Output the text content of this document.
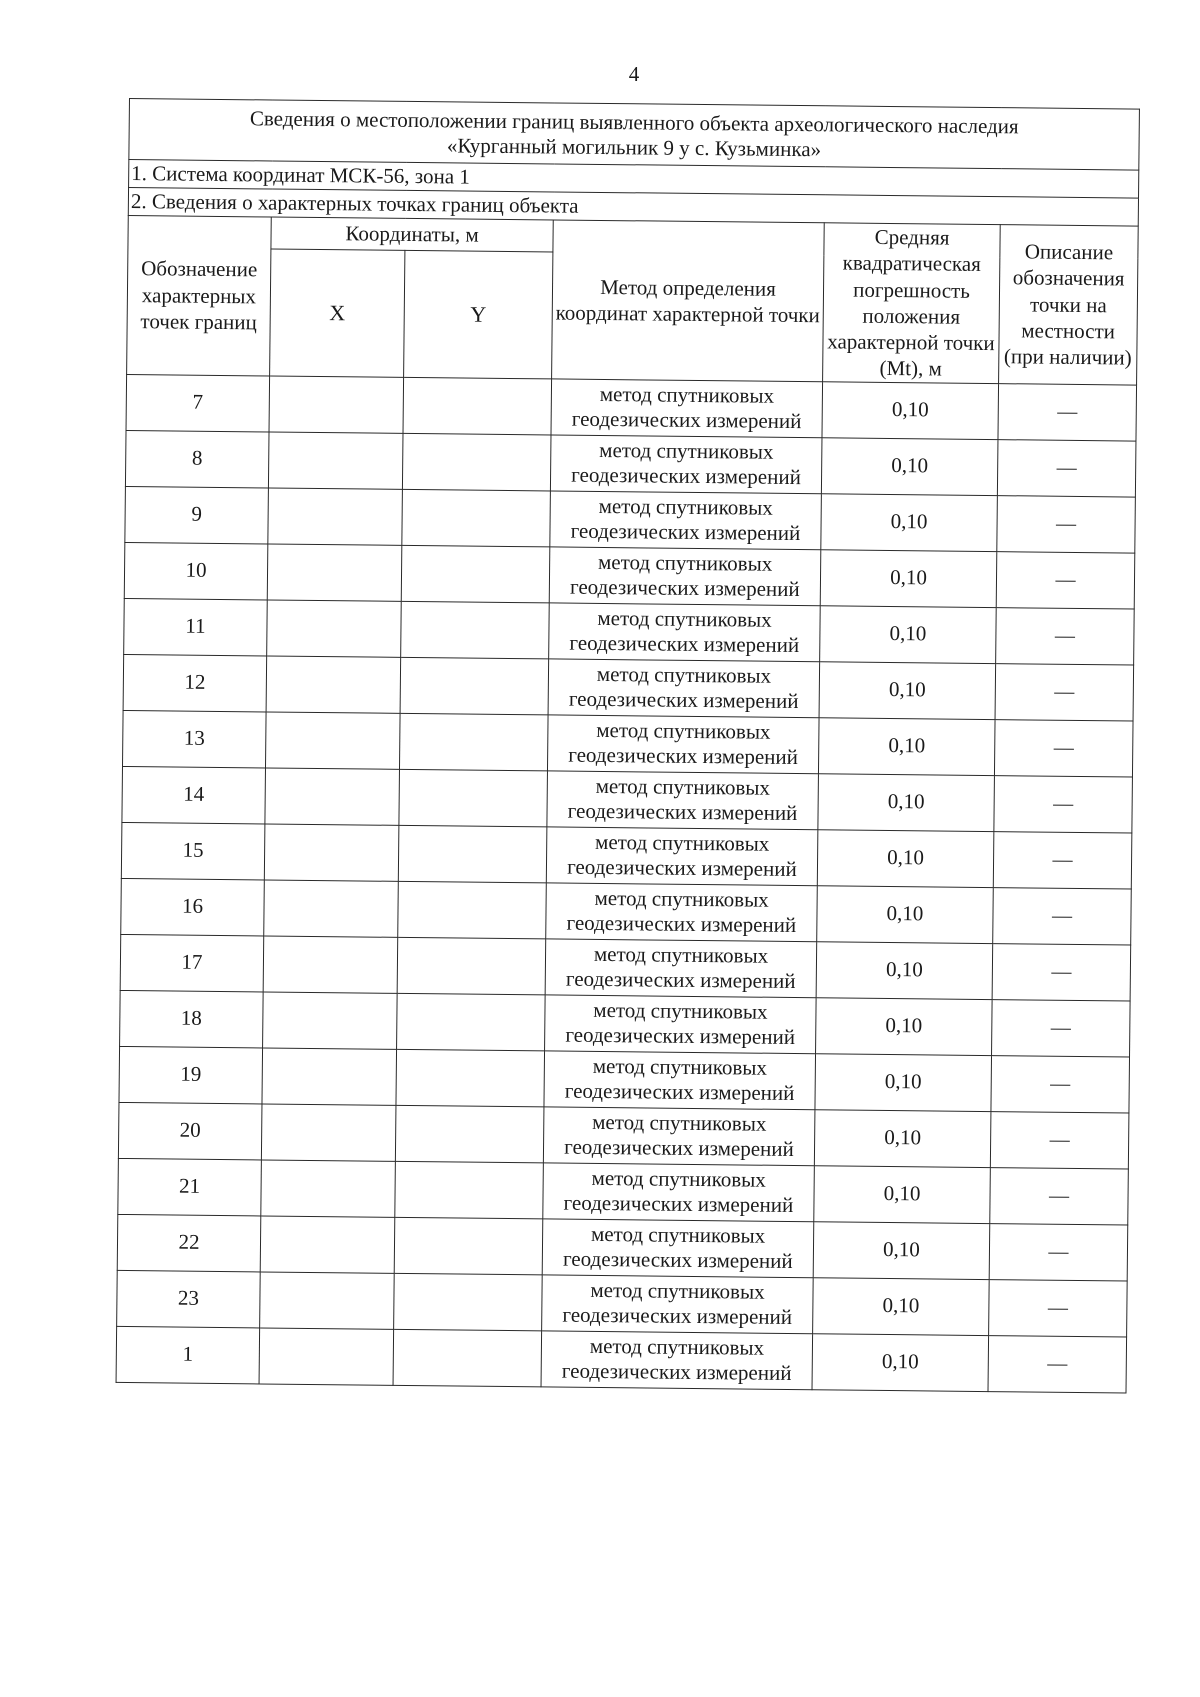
4
Сведения о местоположении границ выявленного объекта археологического наследия
«Курганный могильник 9 у с. Кузьминка»					

1. Система координат МСК-56, зона 1					
2. Сведения о характерных точках границ объекта					
Обозначение характерных точек границ	Координаты, м		Метод определения координат характерной точки	Средняя квадратическая погрешность положения характерной точки (Mt), м	Описание обозначения точки на местности (при наличии)
	X	Y			
7			метод спутниковых
геодезических измерений	0,10	—
8			метод спутниковых
геодезических измерений	0,10	—
9			метод спутниковых
геодезических измерений	0,10	—
10			метод спутниковых
геодезических измерений	0,10	—
11			метод спутниковых
геодезических измерений	0,10	—
12			метод спутниковых
геодезических измерений	0,10	—
13			метод спутниковых
геодезических измерений	0,10	—
14			метод спутниковых
геодезических измерений	0,10	—
15			метод спутниковых
геодезических измерений	0,10	—
16			метод спутниковых
геодезических измерений	0,10	—
17			метод спутниковых
геодезических измерений	0,10	—
18			метод спутниковых
геодезических измерений	0,10	—
19			метод спутниковых
геодезических измерений	0,10	—
20			метод спутниковых
геодезических измерений	0,10	—
21			метод спутниковых
геодезических измерений	0,10	—
22			метод спутниковых
геодезических измерений	0,10	—
23			метод спутниковых
геодезических измерений	0,10	—
1			метод спутниковых
геодезических измерений	0,10	—
